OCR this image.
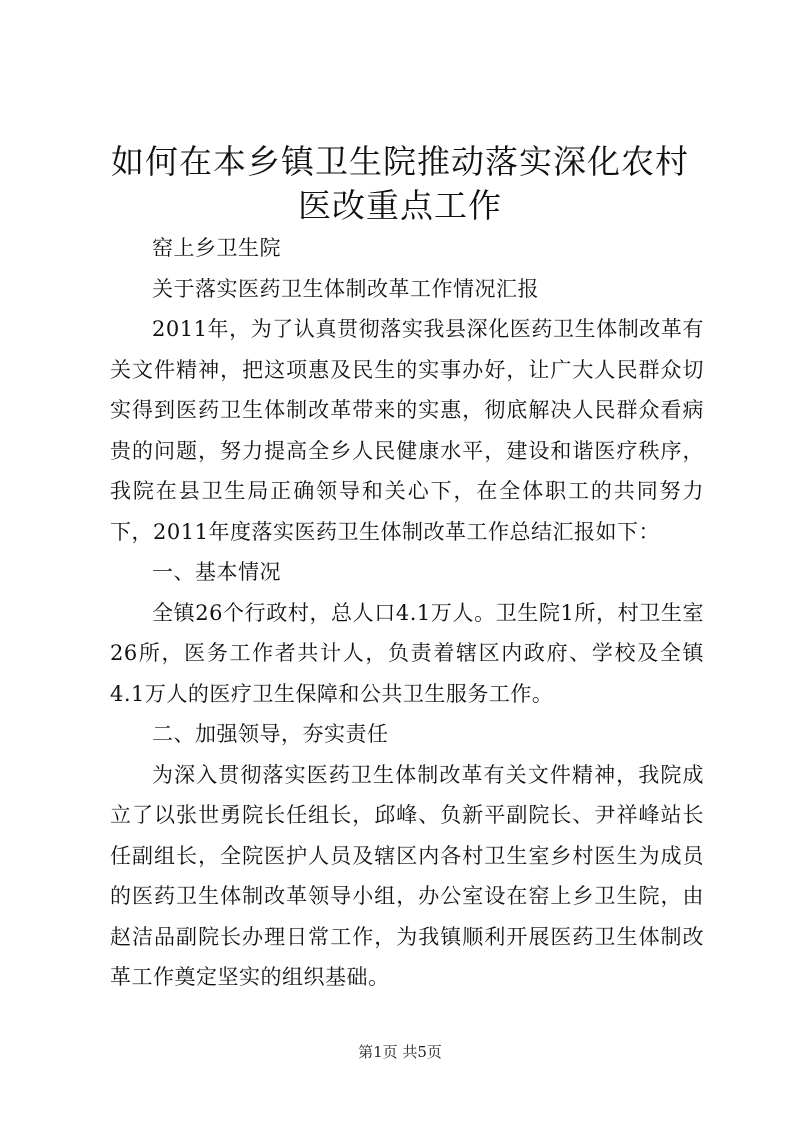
如何在本乡镇卫生院推动落实深化农村医改重点工作

窑上乡卫生院

关于落实医药卫生体制改革工作情况汇报

2011年，为了认真贯彻落实我县深化医药卫生体制改革有关文件精神，把这项惠及民生的实事办好，让广大人民群众切实得到医药卫生体制改革带来的实惠，彻底解决人民群众看病贵的问题，努力提高全乡人民健康水平，建设和谐医疗秩序，我院在县卫生局正确领导和关心下，在全体职工的共同努力下，2011年度落实医药卫生体制改革工作总结汇报如下：

一、基本情况

全镇26个行政村，总人口4.1万人。卫生院1所，村卫生室26所，医务工作者共计人，负责着辖区内政府、学校及全镇4.1万人的医疗卫生保障和公共卫生服务工作。

二、加强领导，夯实责任

为深入贯彻落实医药卫生体制改革有关文件精神，我院成立了以张世勇院长任组长，邱峰、负新平副院长、尹祥峰站长任副组长，全院医护人员及辖区内各村卫生室乡村医生为成员的医药卫生体制改革领导小组，办公室设在窑上乡卫生院，由赵洁品副院长办理日常工作，为我镇顺利开展医药卫生体制改革工作奠定坚实的组织基础。

第1页 共5页
